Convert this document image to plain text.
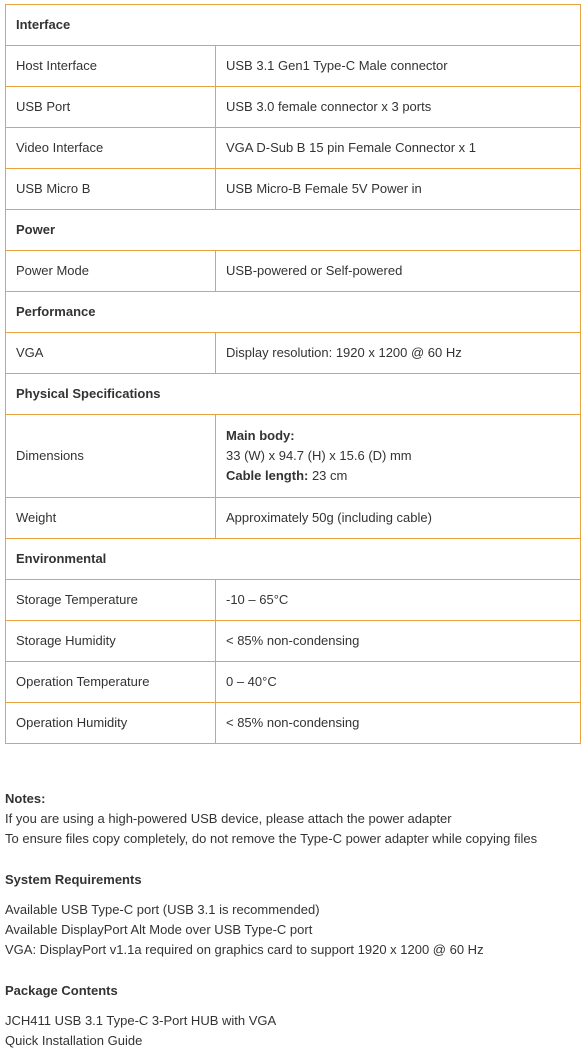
Interface	
Host Interface	USB 3.1 Gen1 Type-C Male connector
USB Port	USB 3.0 female connector x 3 ports
Video Interface	VGA D-Sub B 15 pin Female Connector x 1
USB Micro B	USB Micro-B Female 5V Power in
Power	
Power Mode	USB-powered or Self-powered
Performance	
VGA	Display resolution: 1920 x 1200 @ 60 Hz
Physical Specifications	
Dimensions	Main body:
33 (W) x 94.7 (H) x 15.6 (D) mm
Cable length: 23 cm
Weight	Approximately 50g (including cable)
Environmental	
Storage Temperature	-10 – 65°C
Storage Humidity	< 85% non-condensing
Operation Temperature	0 – 40°C
Operation Humidity	< 85% non-condensing

Notes:

If you are using a high-powered USB device, please attach the power adapter

To ensure files copy completely, do not remove the Type-C power adapter while copying files

System Requirements

Available USB Type-C port (USB 3.1 is recommended)

Available DisplayPort Alt Mode over USB Type-C port

VGA: DisplayPort v1.1a required on graphics card to support 1920 x 1200 @ 60 Hz

Package Contents

JCH411 USB 3.1 Type-C 3-Port HUB with VGA

Quick Installation Guide
